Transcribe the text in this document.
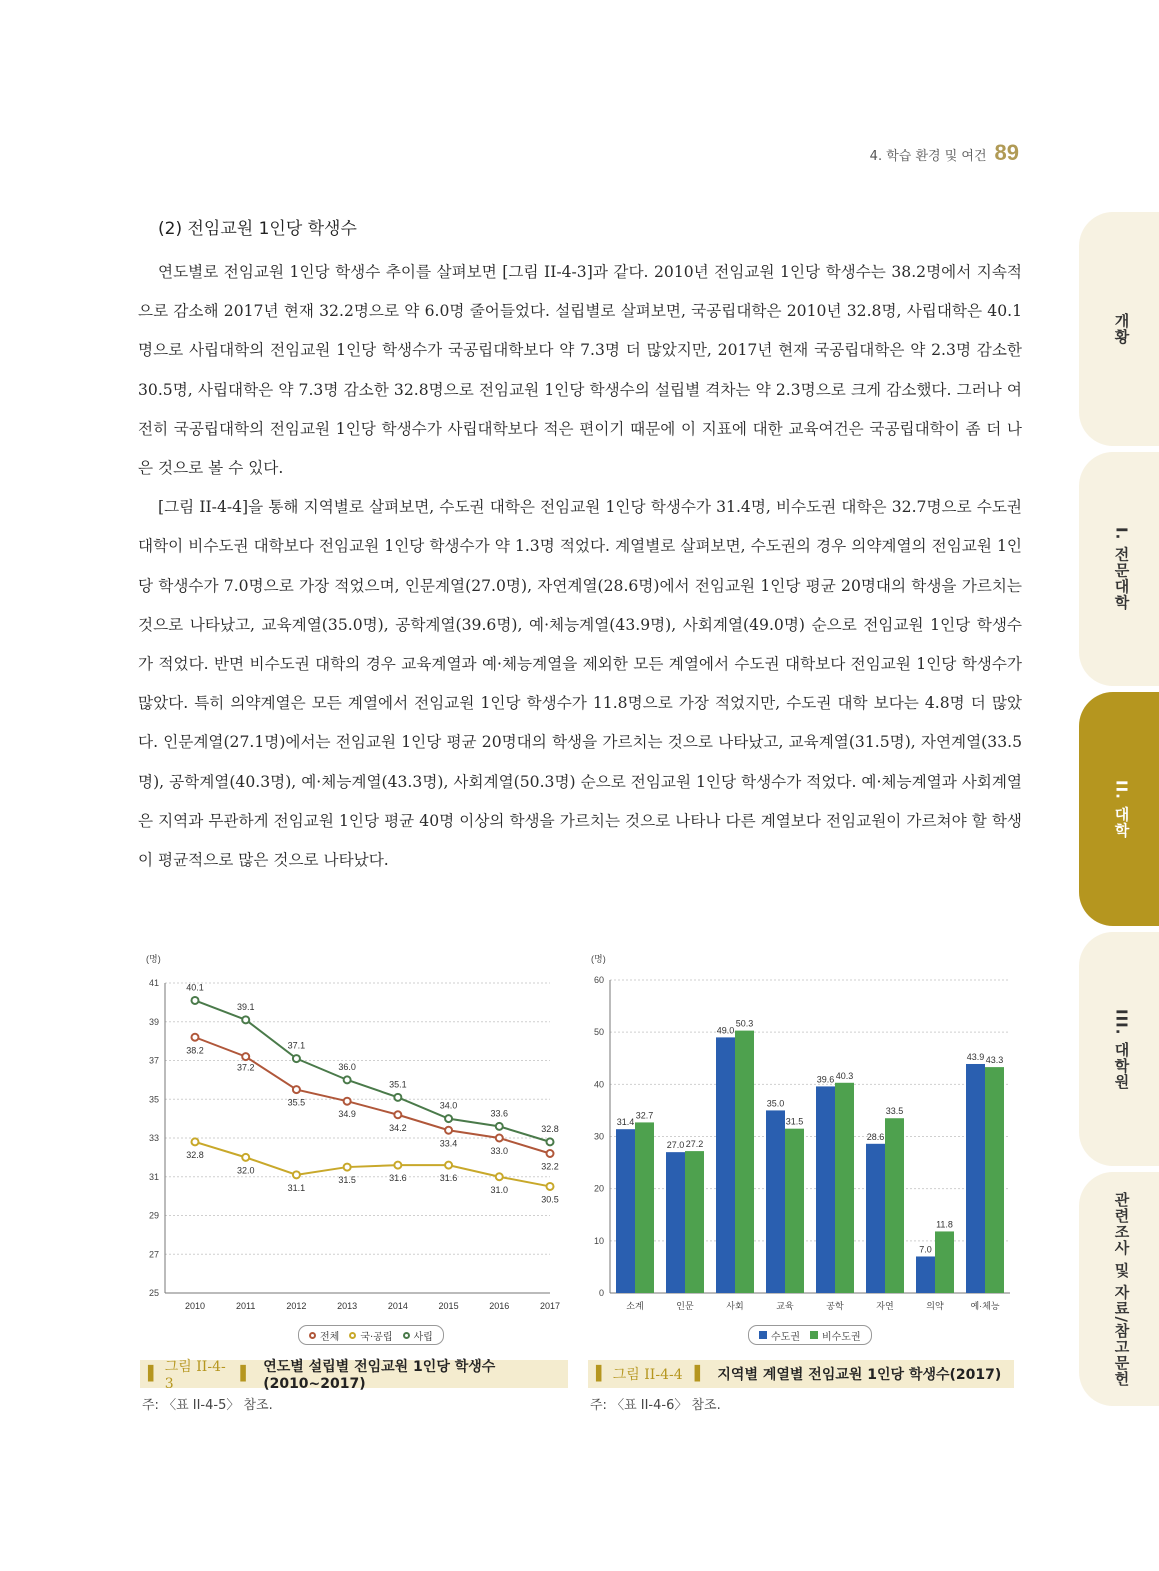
4. 학습 환경 및 여건 89
(2) 전임교원 1인당 학생수

연도별로 전임교원 1인당 학생수 추이를 살펴보면 [그림 II-4-3]과 같다. 2010년 전임교원 1인당 학생수는 38.2명에서 지속적으로 감소해 2017년 현재 32.2명으로 약 6.0명 줄어들었다. 설립별로 살펴보면, 국공립대학은 2010년 32.8명, 사립대학은 40.1명으로 사립대학의 전임교원 1인당 학생수가 국공립대학보다 약 7.3명 더 많았지만, 2017년 현재 국공립대학은 약 2.3명 감소한 30.5명, 사립대학은 약 7.3명 감소한 32.8명으로 전임교원 1인당 학생수의 설립별 격차는 약 2.3명으로 크게 감소했다. 그러나 여전히 국공립대학의 전임교원 1인당 학생수가 사립대학보다 적은 편이기 때문에 이 지표에 대한 교육여건은 국공립대학이 좀 더 나은 것으로 볼 수 있다.

[그림 II-4-4]을 통해 지역별로 살펴보면, 수도권 대학은 전임교원 1인당 학생수가 31.4명, 비수도권 대학은 32.7명으로 수도권 대학이 비수도권 대학보다 전임교원 1인당 학생수가 약 1.3명 적었다. 계열별로 살펴보면, 수도권의 경우 의약계열의 전임교원 1인당 학생수가 7.0명으로 가장 적었으며, 인문계열(27.0명), 자연계열(28.6명)에서 전임교원 1인당 평균 20명대의 학생을 가르치는 것으로 나타났고, 교육계열(35.0명), 공학계열(39.6명), 예·체능계열(43.9명), 사회계열(49.0명) 순으로 전임교원 1인당 학생수가 적었다. 반면 비수도권 대학의 경우 교육계열과 예·체능계열을 제외한 모든 계열에서 수도권 대학보다 전임교원 1인당 학생수가 많았다. 특히 의약계열은 모든 계열에서 전임교원 1인당 학생수가 11.8명으로 가장 적었지만, 수도권 대학 보다는 4.8명 더 많았다. 인문계열(27.1명)에서는 전임교원 1인당 평균 20명대의 학생을 가르치는 것으로 나타났고, 교육계열(31.5명), 자연계열(33.5명), 공학계열(40.3명), 예·체능계열(43.3명), 사회계열(50.3명) 순으로 전임교원 1인당 학생수가 적었다. 예·체능계열과 사회계열은 지역과 무관하게 전임교원 1인당 평균 40명 이상의 학생을 가르치는 것으로 나타나 다른 계열보다 전임교원이 가르쳐야 할 학생이 평균적으로 많은 것으로 나타났다.

개황
I. 전문대학
II. 대학
III. 대학원
관련조사 및 자료/참고문헌
(명)
25
27
29
31
33
35
37
39
41
2010	2011	2012	2013	2014	2015	2016	2017
38.2
37.2
35.5
34.9
34.2
33.4
33.0
32.2
32.8
32.0
31.1
31.5	31.6	31.6
31.0
30.5
40.1
39.1
37.1
36.0
35.1
34.0
33.6
32.8
전체 국·공립 사립
(명)
0
10
20
30
40
50
60
소계
31.4
32.7
인문
27.0 27.2
사회
49.0
50.3
교육
35.0
31.5
공학
39.6 40.3
자연
28.6
33.5
의약
7.0
11.8
예·체능
43.9 43.3
수도권 비수도권
▌ 그림 II-4-3
▌ 연도별 설립별 전임교원 1인당 학생수(2010~2017)
주: 〈표 II-4-5〉 참조.
▌ 그림 II-4-4 ▌ 지역별 계열별 전임교원 1인당 학생수(2017)
주: 〈표 II-4-6〉 참조.
